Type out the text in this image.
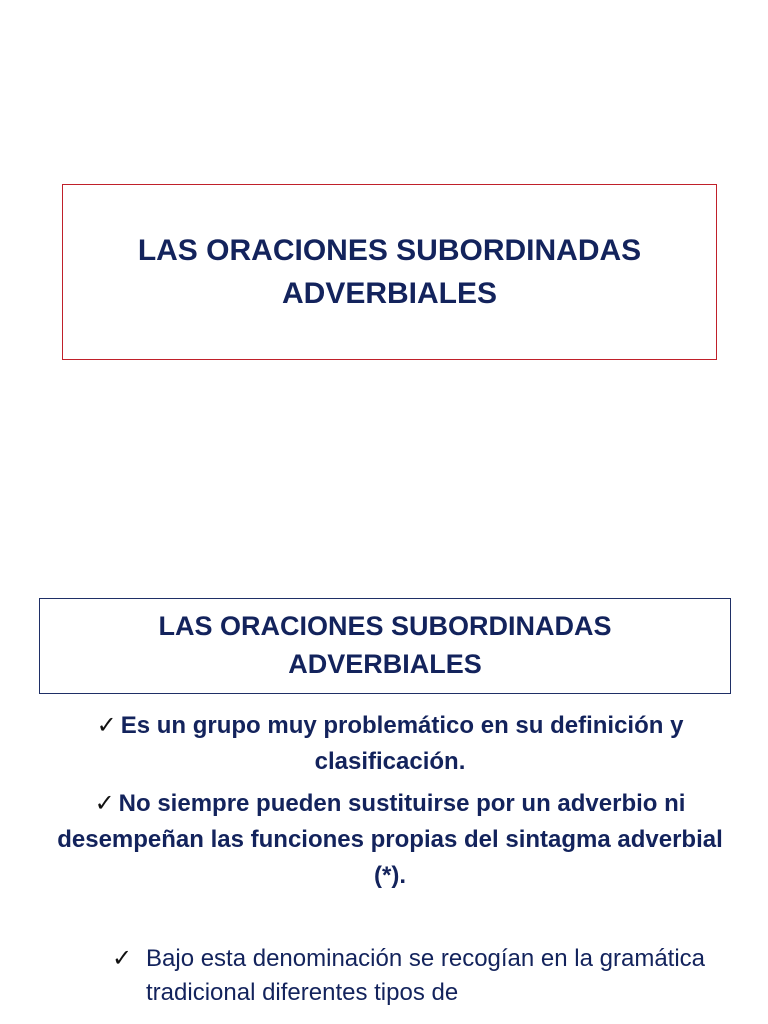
LAS ORACIONES SUBORDINADAS
ADVERBIALES
LAS ORACIONES SUBORDINADAS
ADVERBIALES
✓ Es un grupo muy problemático en su definición y clasificación.
✓ No siempre pueden sustituirse por un adverbio ni desempeñan las funciones propias del sintagma adverbial (*).
✓ Bajo esta denominación se recogían en la gramática tradicional diferentes tipos de
